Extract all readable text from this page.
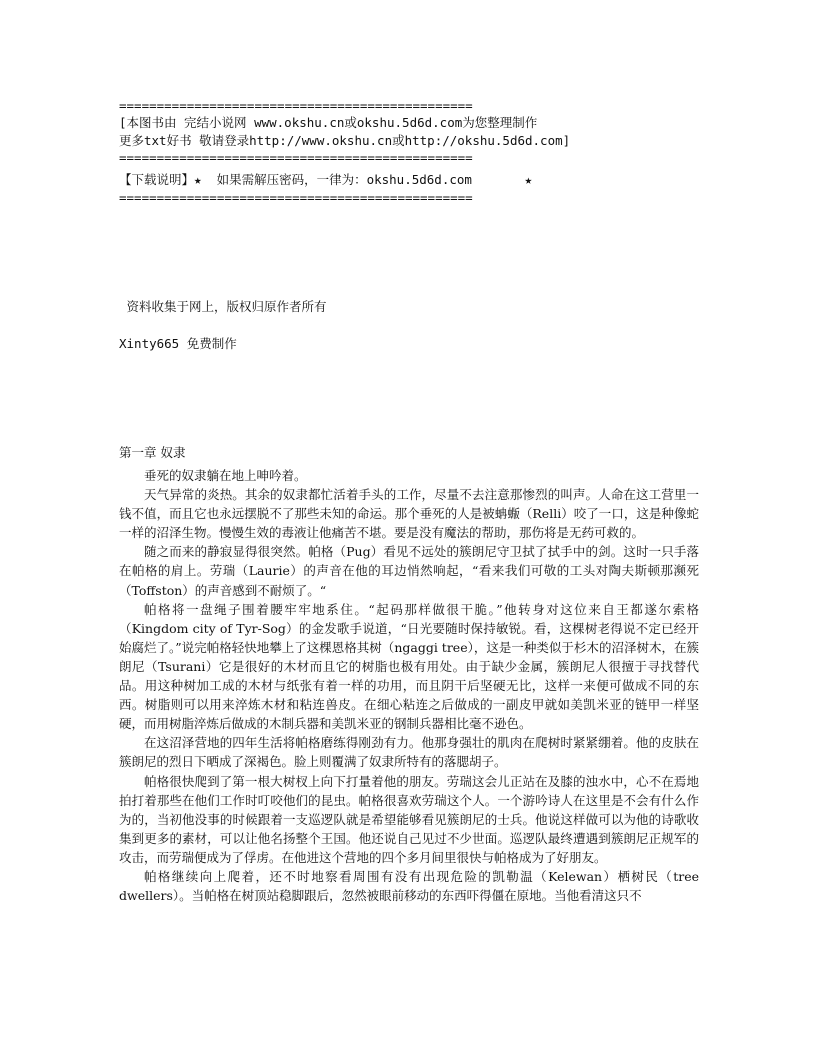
===============================================
[本图书由 完结小说网 www.okshu.cn或okshu.5d6d.com为您整理制作
更多txt好书 敬请登录http://www.okshu.cn或http://okshu.5d6d.com]
===============================================
【下载说明】★  如果需解压密码，一律为：okshu.5d6d.com       ★
===============================================
资料收集于网上，版权归原作者所有
Xinty665 免费制作
第一章 奴隶

垂死的奴隶躺在地上呻吟着。

天气异常的炎热。其余的奴隶都忙活着手头的工作，尽量不去注意那惨烈的叫声。人命在这工营里一钱不值，而且它也永远摆脱不了那些未知的命运。那个垂死的人是被蚺蝂（Relli）咬了一口，这是种像蛇一样的沼泽生物。慢慢生效的毒液让他痛苦不堪。要是没有魔法的帮助，那伤将是无药可救的。

随之而来的静寂显得很突然。帕格（Pug）看见不远处的簇朗尼守卫拭了拭手中的剑。这时一只手落在帕格的肩上。劳瑞（Laurie）的声音在他的耳边悄然响起，“看来我们可敬的工头对陶夫斯顿那濒死（Toffston）的声音感到不耐烦了。“

帕格将一盘绳子围着腰牢牢地系住。“起码那样做很干脆。”他转身对这位来自王都遂尔索格（Kingdom city of Tyr-Sog）的金发歌手说道，“日光要随时保持敏锐。看，这棵树老得说不定已经开始腐烂了。”说完帕格轻快地攀上了这棵恩格其树（ngaggi tree），这是一种类似于杉木的沼泽树木，在簇朗尼（Tsurani）它是很好的木材而且它的树脂也极有用处。由于缺少金属，簇朗尼人很擅于寻找替代品。用这种树加工成的木材与纸张有着一样的功用，而且阴干后坚硬无比，这样一来便可做成不同的东西。树脂则可以用来淬炼木材和粘连兽皮。在细心粘连之后做成的一副皮甲就如美凯米亚的链甲一样坚硬，而用树脂淬炼后做成的木制兵器和美凯米亚的钢制兵器相比毫不逊色。

在这沼泽营地的四年生活将帕格磨练得刚劲有力。他那身强壮的肌肉在爬树时紧紧绷着。他的皮肤在簇朗尼的烈日下晒成了深褐色。脸上则覆满了奴隶所特有的落腮胡子。

帕格很快爬到了第一根大树杈上向下打量着他的朋友。劳瑞这会儿正站在及膝的浊水中，心不在焉地拍打着那些在他们工作时叮咬他们的昆虫。帕格很喜欢劳瑞这个人。一个游吟诗人在这里是不会有什么作为的，当初他没事的时候跟着一支巡逻队就是希望能够看见簇朗尼的士兵。他说这样做可以为他的诗歌收集到更多的素材，可以让他名扬整个王国。他还说自己见过不少世面。巡逻队最终遭遇到簇朗尼正规军的攻击，而劳瑞便成为了俘虏。在他进这个营地的四个多月间里很快与帕格成为了好朋友。

帕格继续向上爬着，还不时地察看周围有没有出现危险的凯勒温（Kelewan）栖树民（tree dwellers）。当帕格在树顶站稳脚跟后，忽然被眼前移动的东西吓得僵在原地。当他看清这只不
